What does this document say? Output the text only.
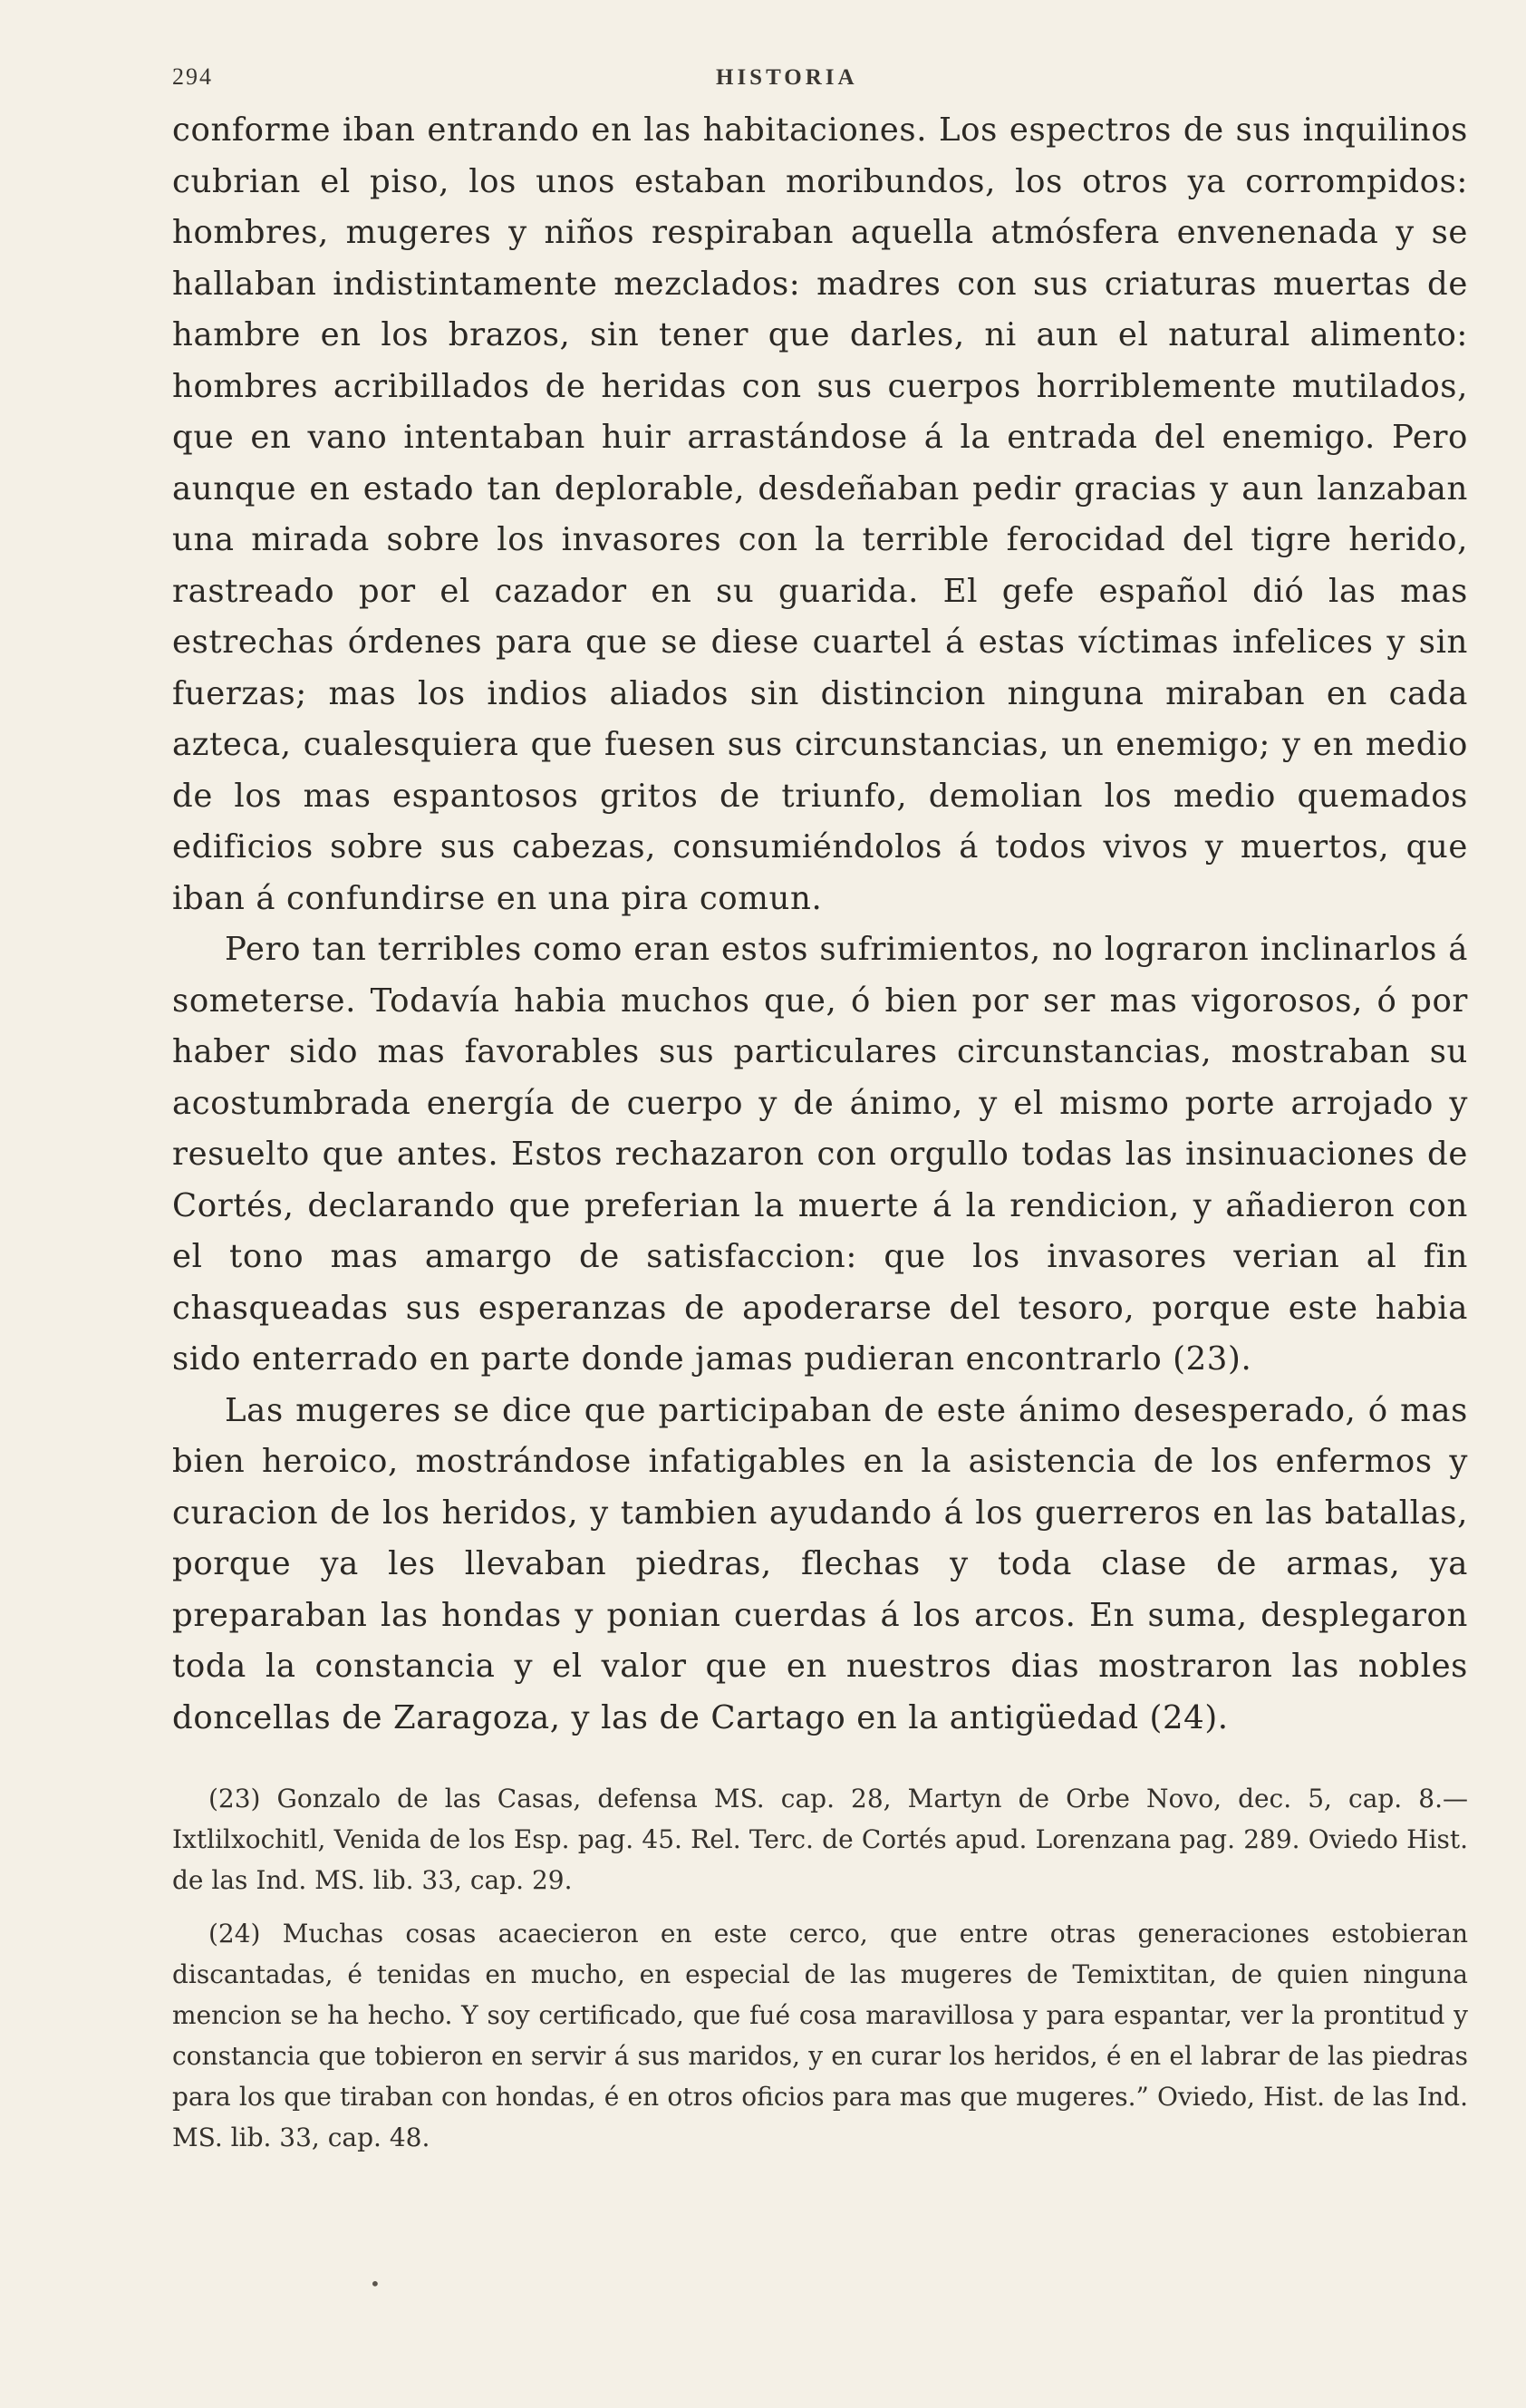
294	HISTORIA

conforme iban entrando en las habitaciones. Los espectros de sus inquilinos cubrian el piso, los unos estaban moribundos, los otros ya corrompidos: hombres, mugeres y niños respiraban aquella atmósfera envenenada y se hallaban indistintamente mezclados: madres con sus criaturas muertas de hambre en los brazos, sin tener que darles, ni aun el natural alimento: hombres acribillados de heridas con sus cuerpos horriblemente mutilados, que en vano intentaban huir arrastándose á la entrada del enemigo. Pero aunque en estado tan deplorable, desdeñaban pedir gracias y aun lanzaban una mirada sobre los invasores con la terrible ferocidad del tigre herido, rastreado por el cazador en su guarida. El gefe español dió las mas estrechas órdenes para que se diese cuartel á estas víctimas infelices y sin fuerzas; mas los indios aliados sin distincion ninguna miraban en cada azteca, cualesquiera que fuesen sus circunstancias, un enemigo; y en medio de los mas espantosos gritos de triunfo, demolian los medio quemados edificios sobre sus cabezas, consumiéndolos á todos vivos y muertos, que iban á confundirse en una pira comun.

Pero tan terribles como eran estos sufrimientos, no lograron inclinarlos á someterse. Todavía habia muchos que, ó bien por ser mas vigorosos, ó por haber sido mas favorables sus particulares circunstancias, mostraban su acostumbrada energía de cuerpo y de ánimo, y el mismo porte arrojado y resuelto que antes. Estos rechazaron con orgullo todas las insinuaciones de Cortés, declarando que preferian la muerte á la rendicion, y añadieron con el tono mas amargo de satisfaccion: que los invasores verian al fin chasqueadas sus esperanzas de apoderarse del tesoro, porque este habia sido enterrado en parte donde jamas pudieran encontrarlo (23).

Las mugeres se dice que participaban de este ánimo desesperado, ó mas bien heroico, mostrándose infatigables en la asistencia de los enfermos y curacion de los heridos, y tambien ayudando á los guerreros en las batallas, porque ya les llevaban piedras, flechas y toda clase de armas, ya preparaban las hondas y ponian cuerdas á los arcos. En suma, desplegaron toda la constancia y el valor que en nuestros dias mostraron las nobles doncellas de Zaragoza, y las de Cartago en la antigüedad (24).

(23) Gonzalo de las Casas, defensa MS. cap. 28, Martyn de Orbe Novo, dec. 5, cap. 8.—Ixtlilxochitl, Venida de los Esp. pag. 45. Rel. Terc. de Cortés apud. Lorenzana pag. 289. Oviedo Hist. de las Ind. MS. lib. 33, cap. 29.

(24) Muchas cosas acaecieron en este cerco, que entre otras generaciones estobieran discantadas, é tenidas en mucho, en especial de las mugeres de Temixtitan, de quien ninguna mencion se ha hecho. Y soy certificado, que fué cosa maravillosa y para espantar, ver la prontitud y constancia que tobieron en servir á sus maridos, y en curar los heridos, é en el labrar de las piedras para los que tiraban con hondas, é en otros oficios para mas que mugeres.” Oviedo, Hist. de las Ind. MS. lib. 33, cap. 48.

•
